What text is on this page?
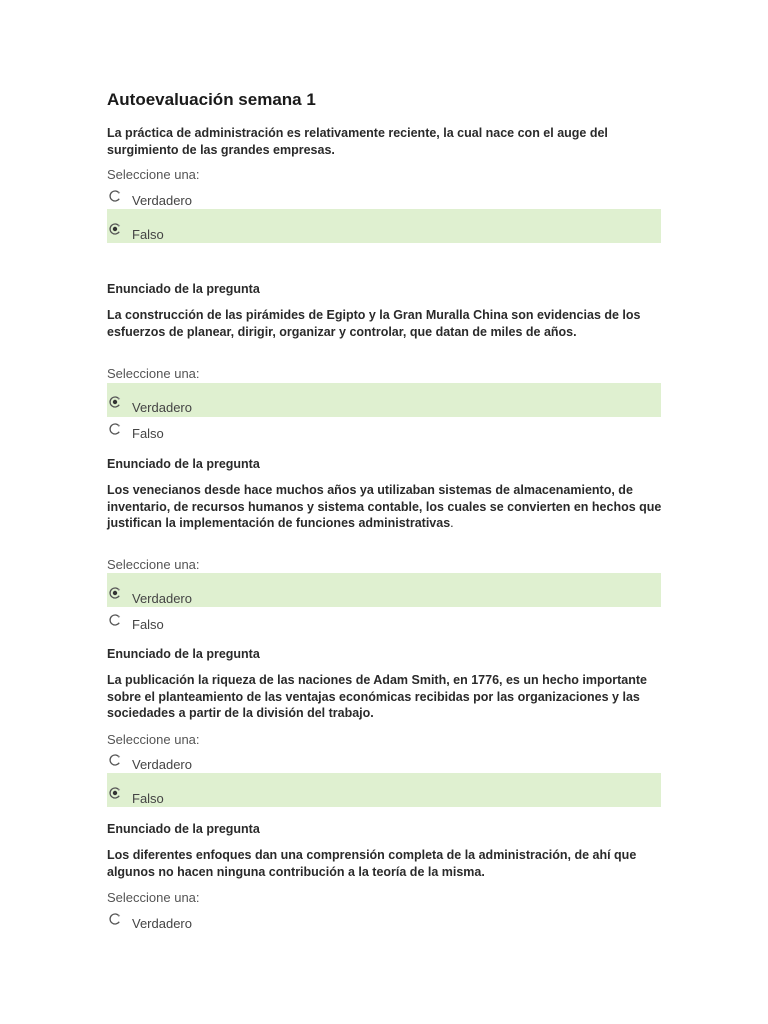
Autoevaluación semana 1
La práctica de administración es relativamente reciente, la cual nace con el auge del surgimiento de las grandes empresas.
Seleccione una:
Verdadero
Falso
Enunciado de la pregunta
La construcción de las pirámides de Egipto y la Gran Muralla China son evidencias de los esfuerzos de planear, dirigir, organizar y controlar, que datan de miles de años.
Seleccione una:
Verdadero
Falso
Enunciado de la pregunta
Los venecianos desde hace muchos años ya utilizaban sistemas de almacenamiento, de inventario, de recursos humanos y sistema contable, los cuales se convierten en hechos que justifican la implementación de funciones administrativas.
Seleccione una:
Verdadero
Falso
Enunciado de la pregunta
La publicación la riqueza de las naciones de Adam Smith, en 1776, es un hecho importante sobre el planteamiento de las ventajas económicas recibidas por las organizaciones y las sociedades a partir de la división del trabajo.
Seleccione una:
Verdadero
Falso
Enunciado de la pregunta
Los diferentes enfoques dan una comprensión completa de la administración, de ahí que algunos no hacen ninguna contribución a la teoría de la misma.
Seleccione una:
Verdadero
